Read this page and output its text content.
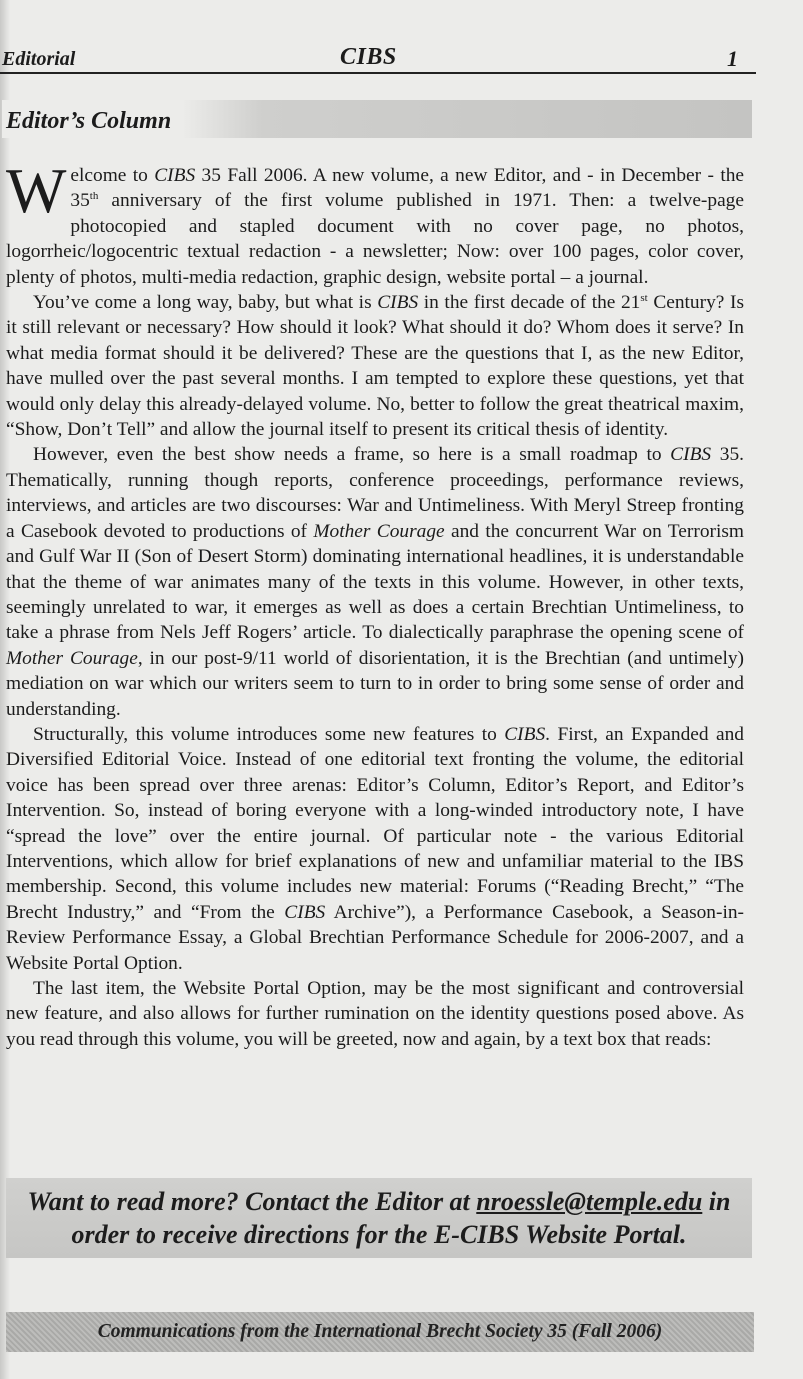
Editorial	CIBS	1
Editor’s Column

Welcome to CIBS 35 Fall 2006. A new volume, a new Editor, and - in December - the 35th anniversary of the first volume published in 1971. Then: a twelve-page photocopied and stapled document with no cover page, no photos, logorrheic/logocentric textual redaction - a newsletter; Now: over 100 pages, color cover, plenty of photos, multi-media redaction, graphic design, website portal – a journal.

You’ve come a long way, baby, but what is CIBS in the first decade of the 21st Century? Is it still relevant or necessary? How should it look? What should it do? Whom does it serve? In what media format should it be delivered? These are the questions that I, as the new Editor, have mulled over the past several months. I am tempted to explore these questions, yet that would only delay this already-delayed volume. No, better to follow the great theatrical maxim, “Show, Don’t Tell” and allow the journal itself to present its critical thesis of identity.

However, even the best show needs a frame, so here is a small roadmap to CIBS 35. Thematically, running though reports, conference proceedings, performance reviews, interviews, and articles are two discourses: War and Untimeliness. With Meryl Streep fronting a Casebook devoted to productions of Mother Courage and the concurrent War on Terrorism and Gulf War II (Son of Desert Storm) dominating international headlines, it is understandable that the theme of war animates many of the texts in this volume. However, in other texts, seemingly unrelated to war, it emerges as well as does a certain Brechtian Untimeliness, to take a phrase from Nels Jeff Rogers’ article. To dialectically paraphrase the opening scene of Mother Courage, in our post-9/11 world of disorientation, it is the Brechtian (and untimely) mediation on war which our writers seem to turn to in order to bring some sense of order and understanding.

Structurally, this volume introduces some new features to CIBS. First, an Expanded and Diversified Editorial Voice. Instead of one editorial text fronting the volume, the editorial voice has been spread over three arenas: Editor’s Column, Editor’s Report, and Editor’s Intervention. So, instead of boring everyone with a long-winded introductory note, I have “spread the love” over the entire journal. Of particular note - the various Editorial Interventions, which allow for brief explanations of new and unfamiliar material to the IBS membership. Second, this volume includes new material: Forums (“Reading Brecht,” “The Brecht Industry,” and “From the CIBS Archive”), a Performance Casebook, a Season-in-Review Performance Essay, a Global Brechtian Performance Schedule for 2006-2007, and a Website Portal Option.

The last item, the Website Portal Option, may be the most significant and controversial new feature, and also allows for further rumination on the identity questions posed above. As you read through this volume, you will be greeted, now and again, by a text box that reads:

Want to read more? Contact the Editor at nroessle@temple.edu in
order to receive directions for the E-CIBS Website Portal.
Communications from the International Brecht Society 35 (Fall 2006)
